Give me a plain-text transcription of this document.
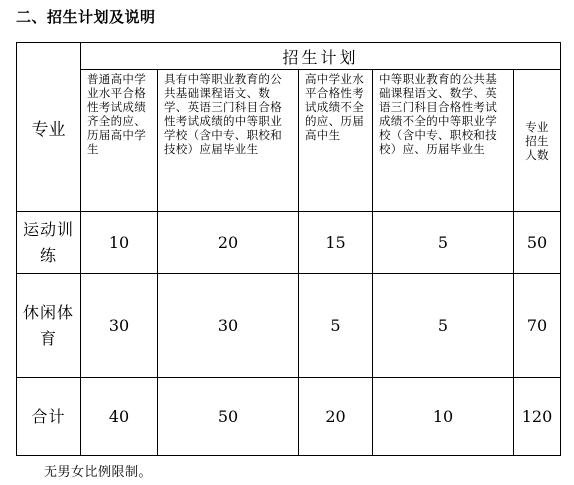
二、招生计划及说明
专业	招生计划				
	普通高中学业水平合格性考试成绩齐全的应、历届高中学生	具有中等职业教育的公共基础课程语文、数学、英语三门科目合格性考试成绩的中等职业学校（含中专、职校和技校）应届毕业生	高中学业水平合格性考试成绩不全的应、历届高中生	中等职业教育的公共基础课程语文、数学、英语三门科目合格性考试成绩不全的中等职业学校（含中专、职校和技校）应、历届毕业生	专业招生人数
运动训练	10	20	15	5	50
休闲体育	30	30	5	5	70
合计	40	50	20	10	120
无男女比例限制。
